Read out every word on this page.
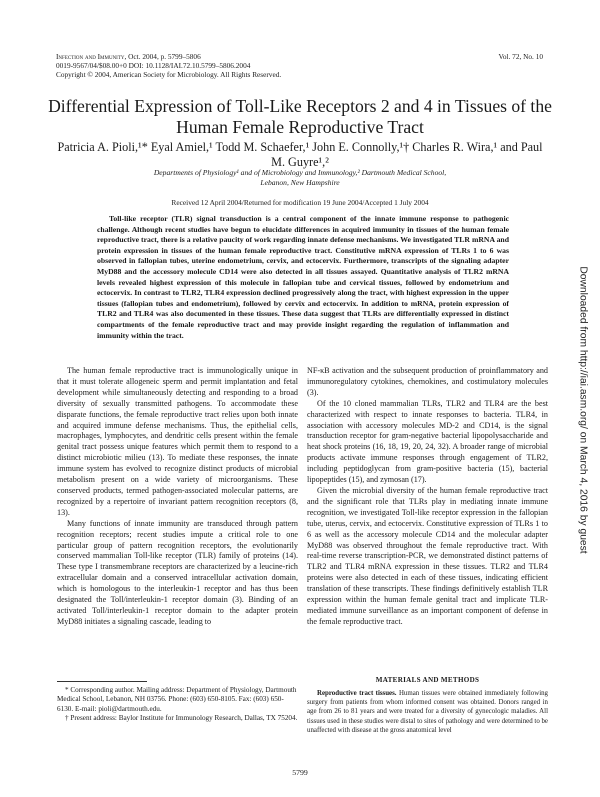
Infection and Immunity, Oct. 2004, p. 5799–5806
0019-9567/04/$08.00+0 DOI: 10.1128/IAI.72.10.5799–5806.2004
Copyright © 2004, American Society for Microbiology. All Rights Reserved.
Vol. 72, No. 10
Differential Expression of Toll-Like Receptors 2 and 4 in Tissues of the Human Female Reproductive Tract
Patricia A. Pioli,¹* Eyal Amiel,¹ Todd M. Schaefer,¹ John E. Connolly,¹† Charles R. Wira,¹ and Paul M. Guyre¹,²
Departments of Physiology¹ and of Microbiology and Immunology,² Dartmouth Medical School,
Lebanon, New Hampshire
Received 12 April 2004/Returned for modification 19 June 2004/Accepted 1 July 2004
Toll-like receptor (TLR) signal transduction is a central component of the innate immune response to pathogenic challenge. Although recent studies have begun to elucidate differences in acquired immunity in tissues of the human female reproductive tract, there is a relative paucity of work regarding innate defense mechanisms. We investigated TLR mRNA and protein expression in tissues of the human female reproductive tract. Constitutive mRNA expression of TLRs 1 to 6 was observed in fallopian tubes, uterine endometrium, cervix, and ectocervix. Furthermore, transcripts of the signaling adapter MyD88 and the accessory molecule CD14 were also detected in all tissues assayed. Quantitative analysis of TLR2 mRNA levels revealed highest expression of this molecule in fallopian tube and cervical tissues, followed by endometrium and ectocervix. In contrast to TLR2, TLR4 expression declined progressively along the tract, with highest expression in the upper tissues (fallopian tubes and endometrium), followed by cervix and ectocervix. In addition to mRNA, protein expression of TLR2 and TLR4 was also documented in these tissues. These data suggest that TLRs are differentially expressed in distinct compartments of the female reproductive tract and may provide insight regarding the regulation of inflammation and immunity within the tract.

The human female reproductive tract is immunologically unique in that it must tolerate allogeneic sperm and permit implantation and fetal development while simultaneously detecting and responding to a broad diversity of sexually transmitted pathogens. To accommodate these disparate functions, the female reproductive tract relies upon both innate and acquired immune defense mechanisms. Thus, the epithelial cells, macrophages, lymphocytes, and dendritic cells present within the female genital tract possess unique features which permit them to respond to a distinct microbiotic milieu (13). To mediate these responses, the innate immune system has evolved to recognize distinct products of microbial metabolism present on a wide variety of microorganisms. These conserved products, termed pathogen-associated molecular patterns, are recognized by a repertoire of invariant pattern recognition receptors (8, 13).

Many functions of innate immunity are transduced through pattern recognition receptors; recent studies impute a critical role to one particular group of pattern recognition receptors, the evolutionarily conserved mammalian Toll-like receptor (TLR) family of proteins (14). These type I transmembrane receptors are characterized by a leucine-rich extracellular domain and a conserved intracellular activation domain, which is homologous to the interleukin-1 receptor and has thus been designated the Toll/interleukin-1 receptor domain (3). Binding of an activated Toll/interleukin-1 receptor domain to the adapter protein MyD88 initiates a signaling cascade, leading to

NF-κB activation and the subsequent production of proinflammatory and immunoregulatory cytokines, chemokines, and costimulatory molecules (3).

Of the 10 cloned mammalian TLRs, TLR2 and TLR4 are the best characterized with respect to innate responses to bacteria. TLR4, in association with accessory molecules MD-2 and CD14, is the signal transduction receptor for gram-negative bacterial lipopolysaccharide and heat shock proteins (16, 18, 19, 20, 24, 32). A broader range of microbial products activate immune responses through engagement of TLR2, including peptidoglycan from gram-positive bacteria (15), bacterial lipopeptides (15), and zymosan (17).

Given the microbial diversity of the human female reproductive tract and the significant role that TLRs play in mediating innate immune recognition, we investigated Toll-like receptor expression in the fallopian tube, uterus, cervix, and ectocervix. Constitutive expression of TLRs 1 to 6 as well as the accessory molecule CD14 and the molecular adapter MyD88 was observed throughout the female reproductive tract. With real-time reverse transcription-PCR, we demonstrated distinct patterns of TLR2 and TLR4 mRNA expression in these tissues. TLR2 and TLR4 proteins were also detected in each of these tissues, indicating efficient translation of these transcripts. These findings definitively establish TLR expression within the human female genital tract and implicate TLR-mediated immune surveillance as an important component of defense in the female reproductive tract.

* Corresponding author. Mailing address: Department of Physiology, Dartmouth Medical School, Lebanon, NH 03756. Phone: (603) 650-8105. Fax: (603) 650-6130. E-mail: pioli@dartmouth.edu.

† Present address: Baylor Institute for Immunology Research, Dallas, TX 75204.

MATERIALS AND METHODS
Reproductive tract tissues. Human tissues were obtained immediately following surgery from patients from whom informed consent was obtained. Donors ranged in age from 26 to 81 years and were treated for a diversity of gynecologic maladies. All tissues used in these studies were distal to sites of pathology and were determined to be unaffected with disease at the gross anatomical level
5799
Downloaded from http://iai.asm.org/ on March 4, 2016 by guest
